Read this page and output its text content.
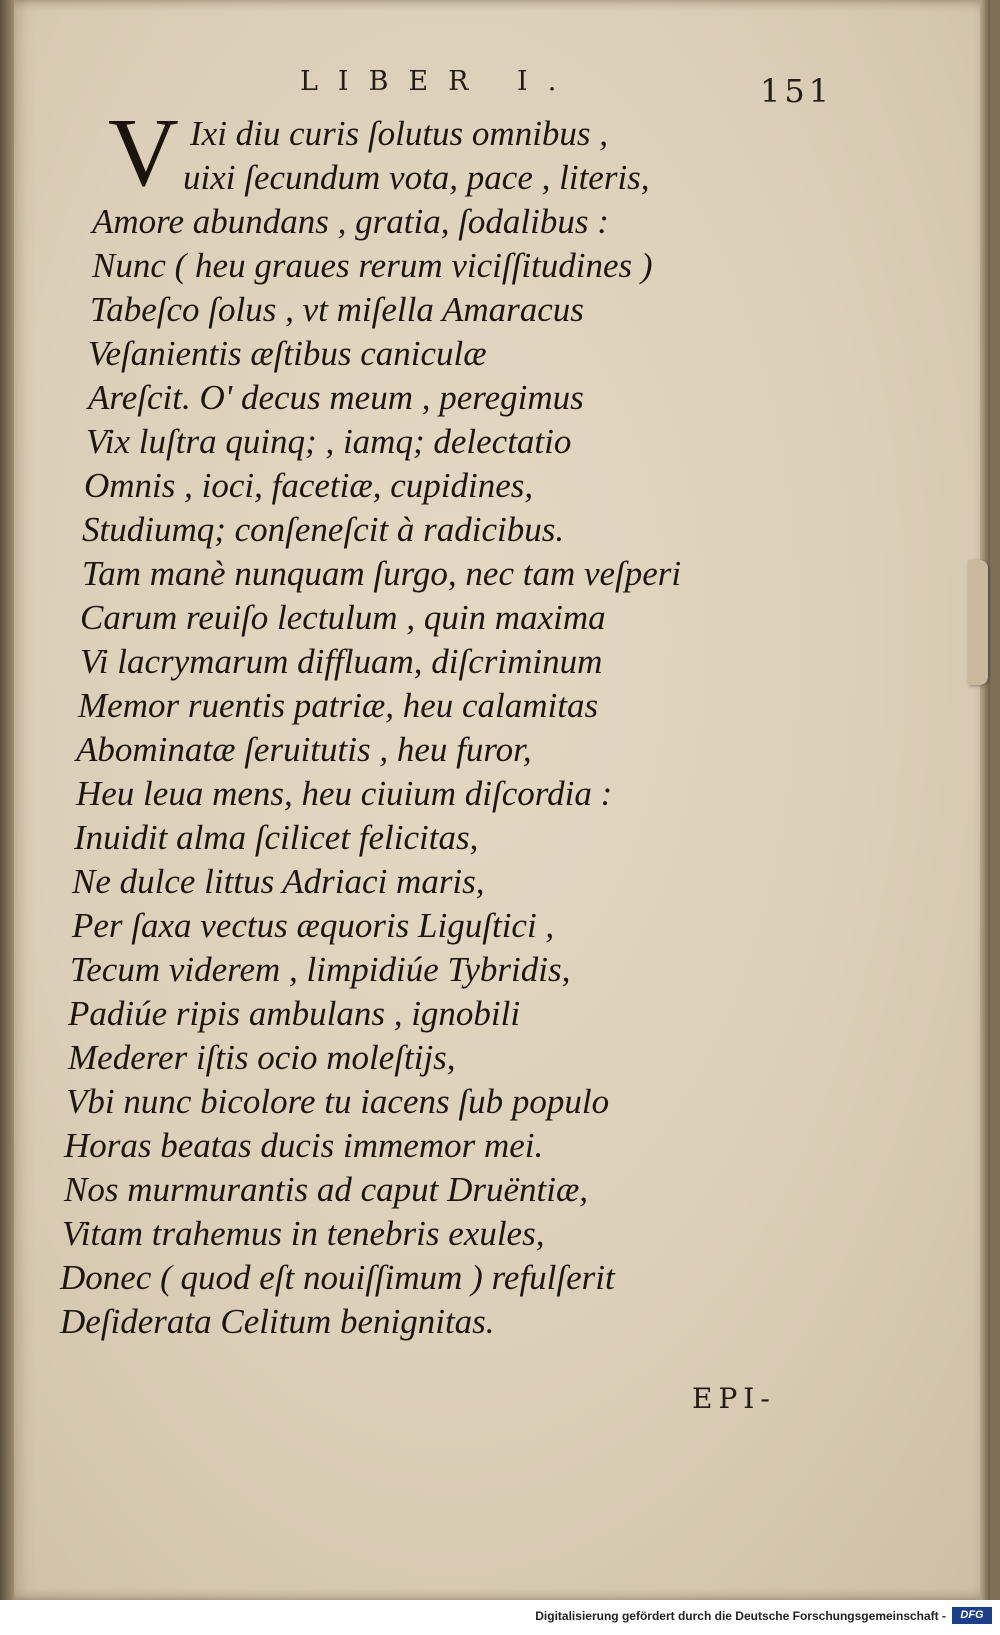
LIBER I.	151
V Ixi diu curis ſolutus omnibus ,
uixi ſecundum vota, pace , literis,
Amore abundans , gratia, ſodalibus :
Nunc ( heu graues rerum viciſſitudines )
Tabeſco ſolus , vt miſella Amaracus
Veſanientis æſtibus caniculæ
Areſcit. O' decus meum , peregimus
Vix luſtra quinq; , iamq; delectatio
Omnis , ioci, facetiæ, cupidines,
Studiumq; conſeneſcit à radicibus.
Tam manè nunquam ſurgo, nec tam veſperi
Carum reuiſo lectulum , quin maxima
Vi lacrymarum diffluam, diſcriminum
Memor ruentis patriæ, heu calamitas
Abominatæ ſeruitutis , heu furor,
Heu leua mens, heu ciuium diſcordia :
Inuidit alma ſcilicet felicitas,
Ne dulce littus Adriaci maris,
Per ſaxa vectus æquoris Liguſtici ,
Tecum viderem , limpidiúe Tybridis,
Padiúe ripis ambulans , ignobili
Mederer iſtis ocio moleſtijs,
Vbi nunc bicolore tu iacens ſub populo
Horas beatas ducis immemor mei.
Nos murmurantis ad caput Druëntiæ,
Vitam trahemus in tenebris exules,
Donec ( quod eſt nouiſſimum ) refulſerit
Deſiderata Celitum benignitas.
EPI-
Digitalisierung gefördert durch die Deutsche Forschungsgemeinschaft -	DFG
